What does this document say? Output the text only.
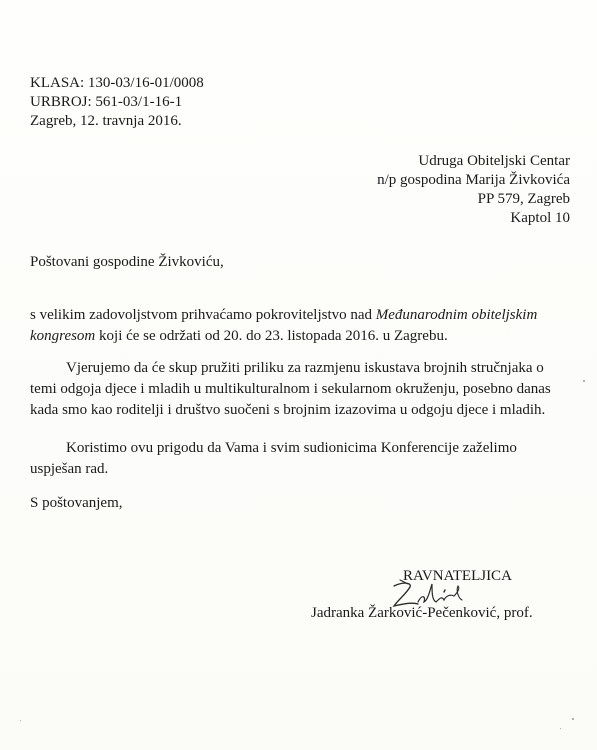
KLASA: 130-03/16-01/0008
URBROJ: 561-03/1-16-1
Zagreb, 12. travnja 2016.
Udruga Obiteljski Centar
n/p gospodina Marija Živkovića
PP 579, Zagreb
Kaptol 10
Poštovani gospodine Živkoviću,
s velikim zadovoljstvom prihvaćamo pokroviteljstvo nad Međunarodnim obiteljskim kongresom koji će se održati od 20. do 23. listopada 2016. u Zagrebu.
Vjerujemo da će skup pružiti priliku za razmjenu iskustava brojnih stručnjaka o temi odgoja djece i mladih u multikulturalnom i sekularnom okruženju, posebno danas kada smo kao roditelji i društvo suočeni s brojnim izazovima u odgoju djece i mladih.
Koristimo ovu prigodu da Vama i svim sudionicima Konferencije zaželimo uspješan rad.
S poštovanjem,
RAVNATELJICA
Jadranka Žarković-Pečenković, prof.
